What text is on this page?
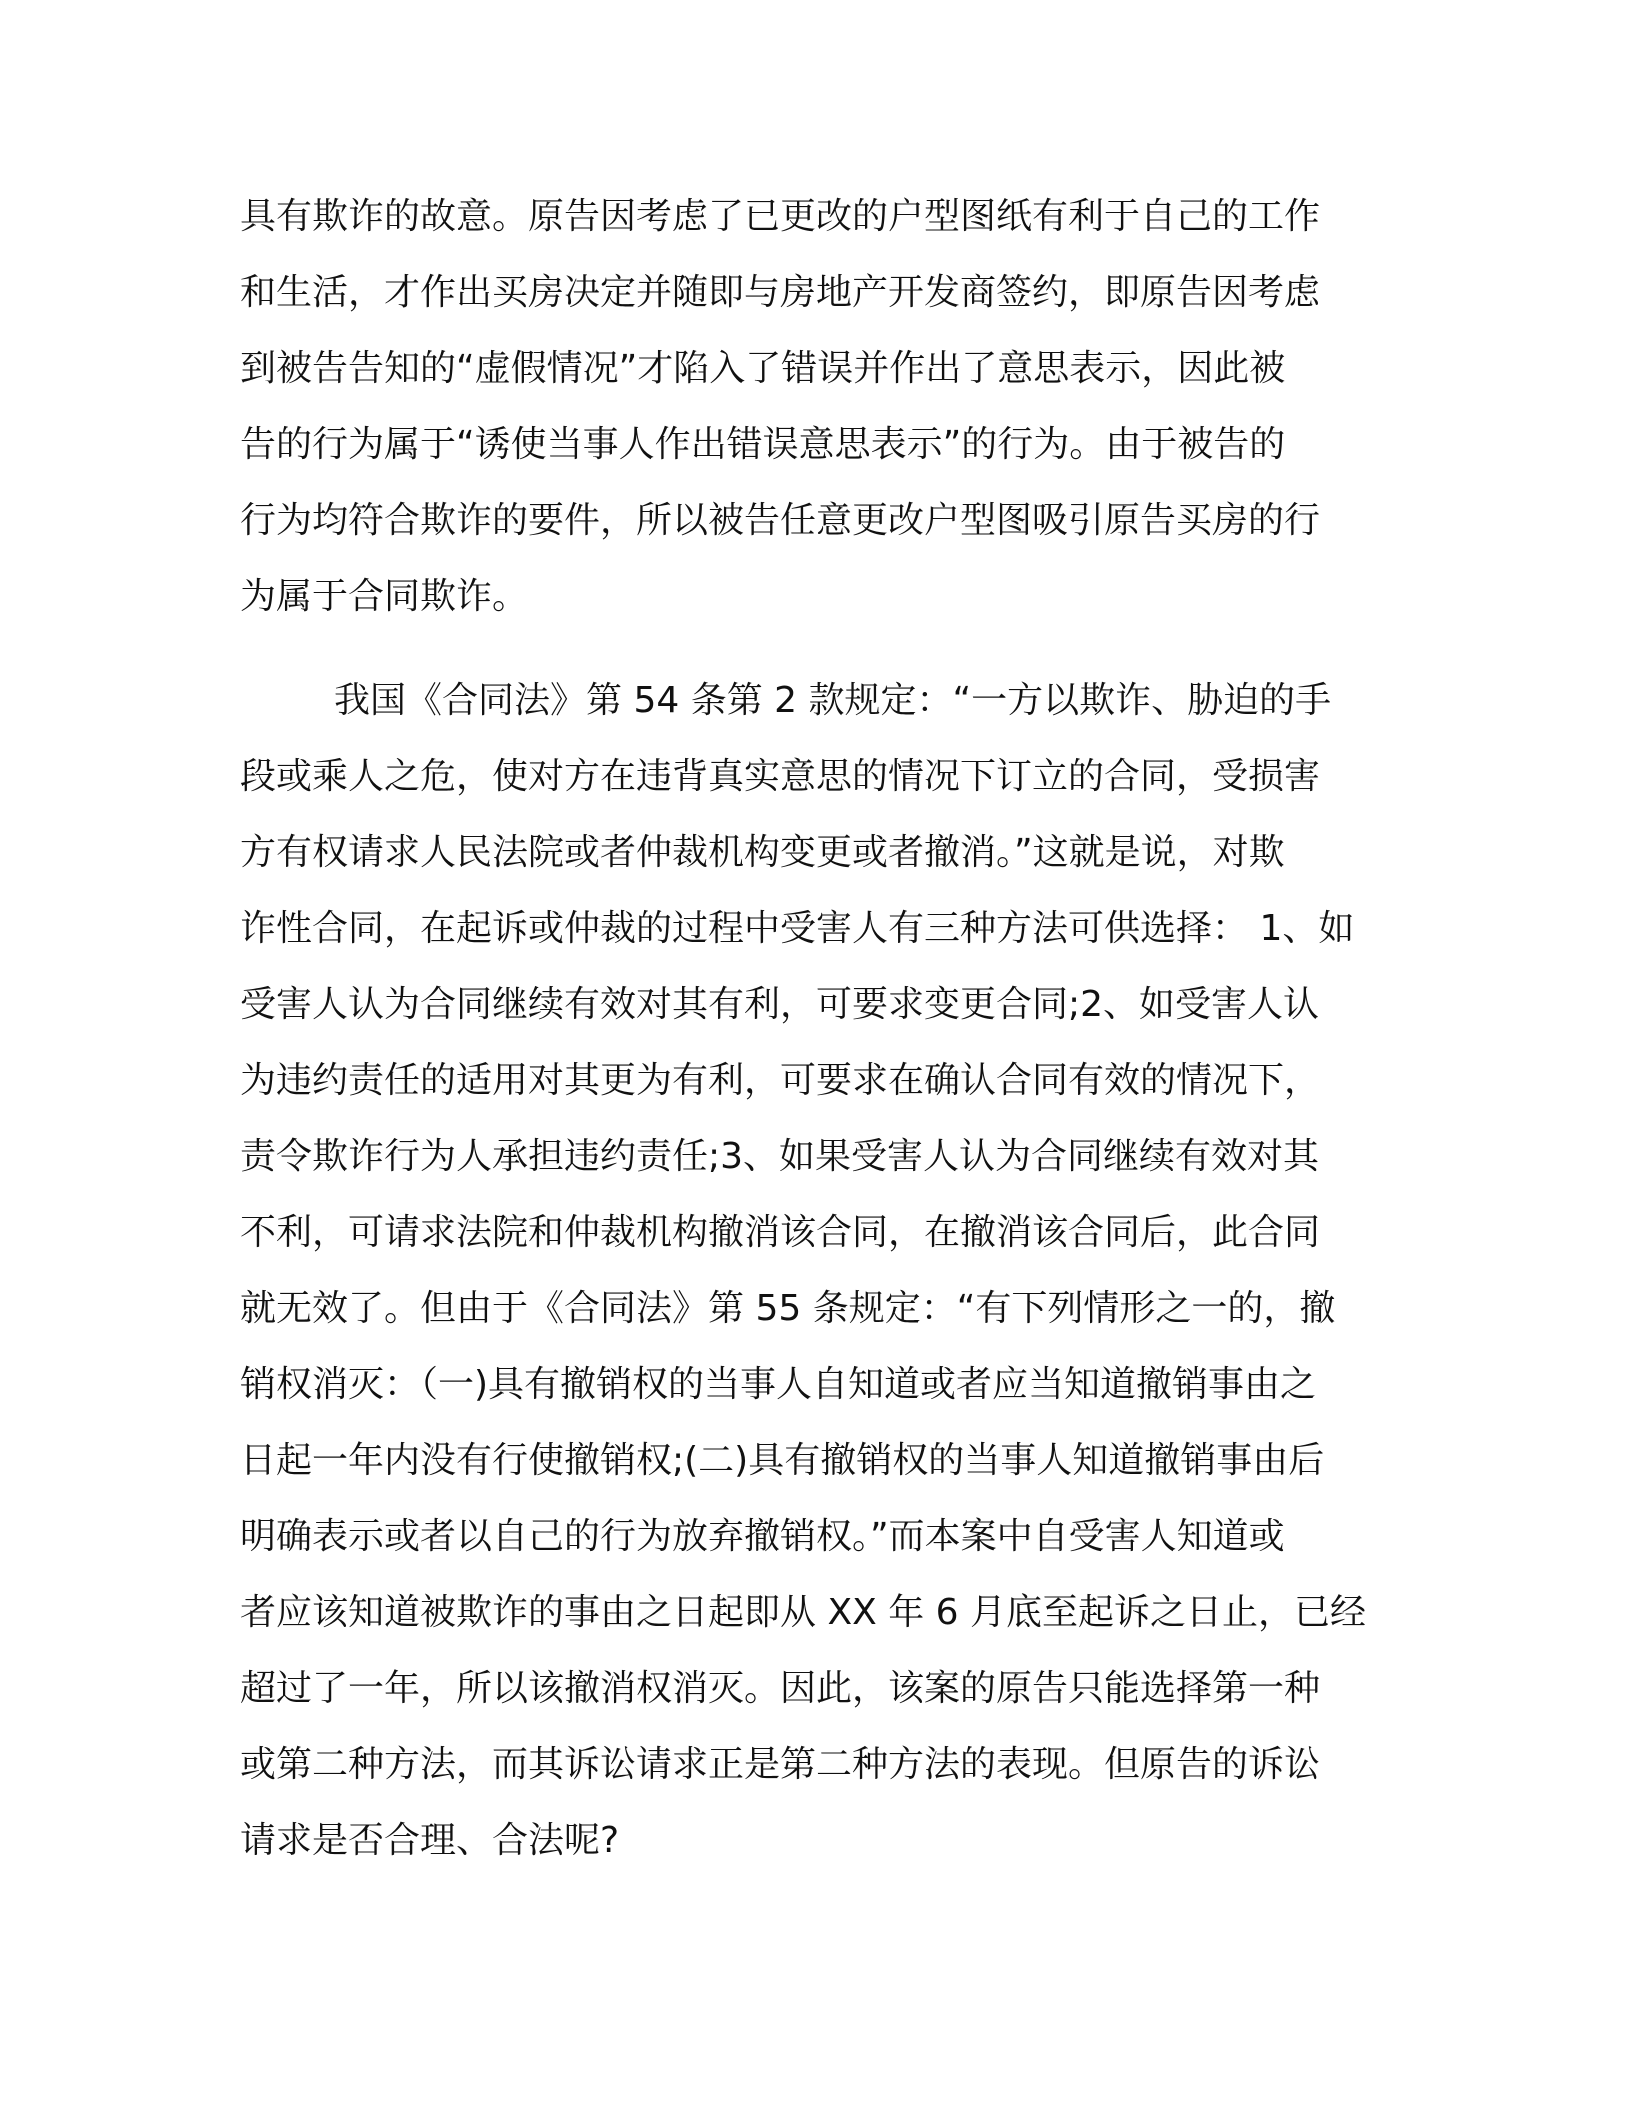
具有欺诈的故意。原告因考虑了已更改的户型图纸有利于自己的工作
和生活，才作出买房决定并随即与房地产开发商签约，即原告因考虑
到被告告知的“虚假情况”才陷入了错误并作出了意思表示，因此被
告的行为属于“诱使当事人作出错误意思表示”的行为。由于被告的
行为均符合欺诈的要件，所以被告任意更改户型图吸引原告买房的行
为属于合同欺诈。
我国《合同法》第 54 条第 2 款规定：“一方以欺诈、胁迫的手
段或乘人之危，使对方在违背真实意思的情况下订立的合同，受损害
方有权请求人民法院或者仲裁机构变更或者撤消。”这就是说，对欺
诈性合同，在起诉或仲裁的过程中受害人有三种方法可供选择： 1、如
受害人认为合同继续有效对其有利，可要求变更合同;2、如受害人认
为违约责任的适用对其更为有利，可要求在确认合同有效的情况下，
责令欺诈行为人承担违约责任;3、如果受害人认为合同继续有效对其
不利，可请求法院和仲裁机构撤消该合同，在撤消该合同后，此合同
就无效了。但由于《合同法》第 55 条规定：“有下列情形之一的，撤
销权消灭：（一)具有撤销权的当事人自知道或者应当知道撤销事由之
日起一年内没有行使撤销权;(二)具有撤销权的当事人知道撤销事由后
明确表示或者以自己的行为放弃撤销权。”而本案中自受害人知道或
者应该知道被欺诈的事由之日起即从 XX 年 6 月底至起诉之日止，已经
超过了一年，所以该撤消权消灭。因此，该案的原告只能选择第一种
或第二种方法，而其诉讼请求正是第二种方法的表现。但原告的诉讼
请求是否合理、合法呢?
